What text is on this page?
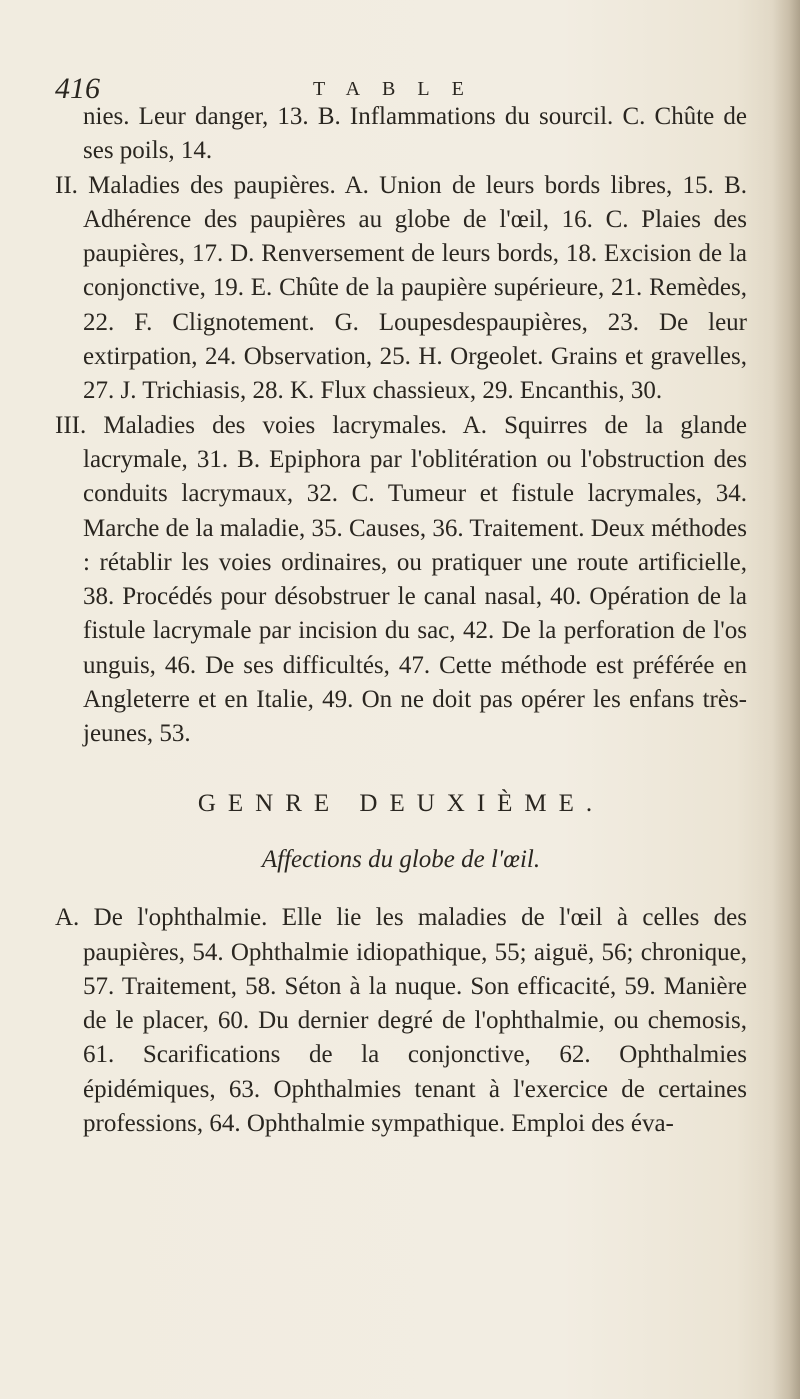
416	TABLE

nies. Leur danger, 13. B. Inflammations du sourcil. C. Chûte de ses poils, 14.

II. Maladies des paupières. A. Union de leurs bords libres, 15. B. Adhérence des paupières au globe de l'œil, 16. C. Plaies des paupières, 17. D. Renversement de leurs bords, 18. Excision de la conjonctive, 19. E. Chûte de la paupière supérieure, 21. Remèdes, 22. F. Clignotement. G. Loupesdespaupières, 23. De leur extirpation, 24. Observation, 25. H. Orgeolet. Grains et gravelles, 27. J. Trichiasis, 28. K. Flux chassieux, 29. Encanthis, 30.

III. Maladies des voies lacrymales. A. Squirres de la glande lacrymale, 31. B. Epiphora par l'oblitération ou l'obstruction des conduits lacrymaux, 32. C. Tumeur et fistule lacrymales, 34. Marche de la maladie, 35. Causes, 36. Traitement. Deux méthodes : rétablir les voies ordinaires, ou pratiquer une route artificielle, 38. Procédés pour désobstruer le canal nasal, 40. Opération de la fistule lacrymale par incision du sac, 42. De la perforation de l'os unguis, 46. De ses difficultés, 47. Cette méthode est préférée en Angleterre et en Italie, 49. On ne doit pas opérer les enfans très-jeunes, 53.

GENRE DEUXIÈME.
Affections du globe de l'œil.

A. De l'ophthalmie. Elle lie les maladies de l'œil à celles des paupières, 54. Ophthalmie idiopathique, 55; aiguë, 56; chronique, 57. Traitement, 58. Séton à la nuque. Son efficacité, 59. Manière de le placer, 60. Du dernier degré de l'ophthalmie, ou chemosis, 61. Scarifications de la conjonctive, 62. Ophthalmies épidémiques, 63. Ophthalmies tenant à l'exercice de certaines professions, 64. Ophthalmie sympathique. Emploi des éva-
